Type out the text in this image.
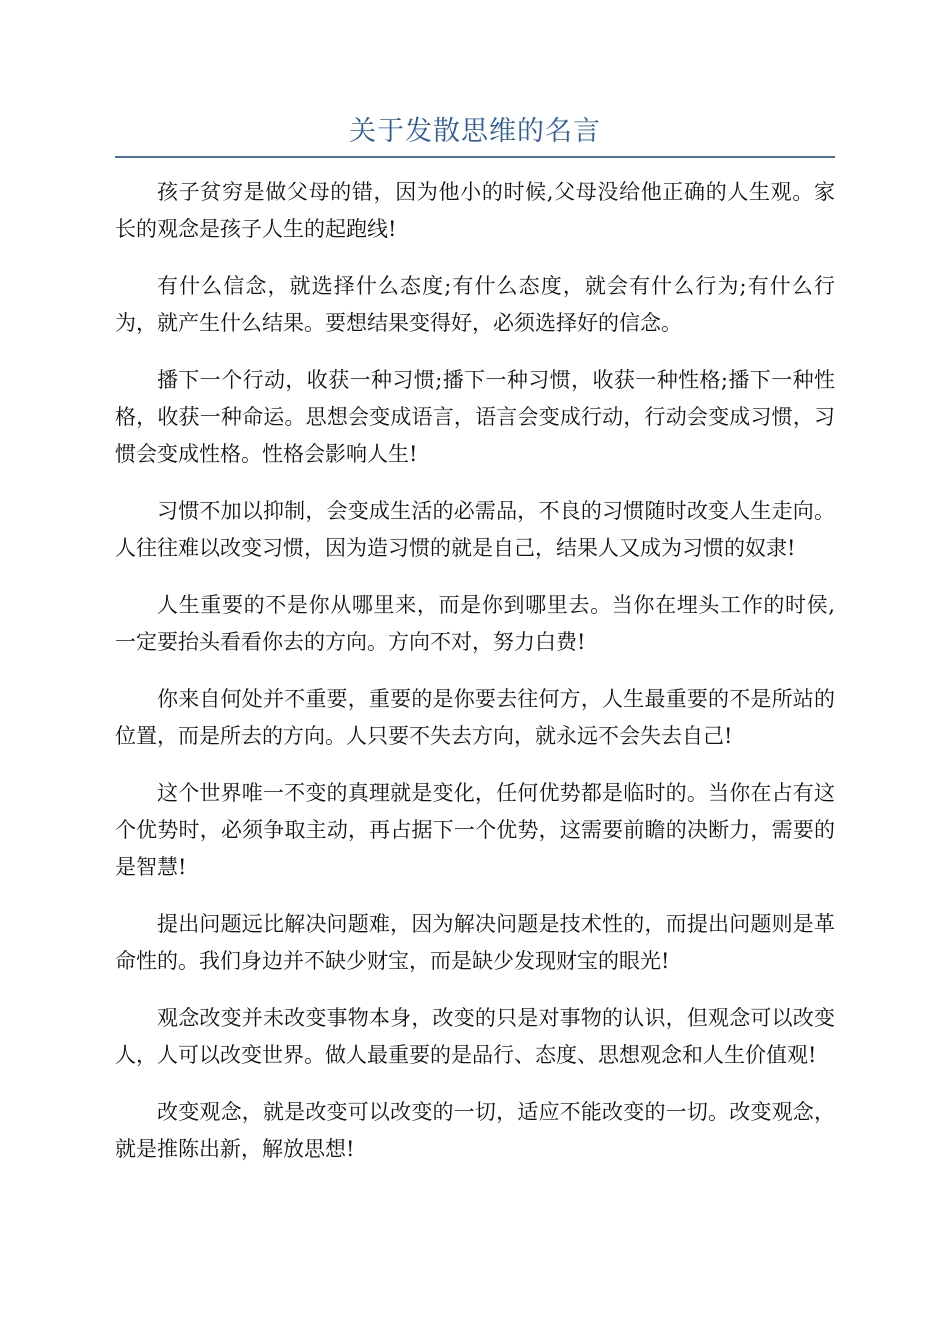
关于发散思维的名言

孩子贫穷是做父母的错，因为他小的时候,父母没给他正确的人生观。家长的观念是孩子人生的起跑线!

有什么信念，就选择什么态度;有什么态度，就会有什么行为;有什么行为，就产生什么结果。要想结果变得好，必须选择好的信念。

播下一个行动，收获一种习惯;播下一种习惯，收获一种性格;播下一种性格，收获一种命运。思想会变成语言，语言会变成行动，行动会变成习惯，习惯会变成性格。性格会影响人生!

习惯不加以抑制，会变成生活的必需品，不良的习惯随时改变人生走向。人往往难以改变习惯，因为造习惯的就是自己，结果人又成为习惯的奴隶!

人生重要的不是你从哪里来，而是你到哪里去。当你在埋头工作的时侯,一定要抬头看看你去的方向。方向不对，努力白费!

你来自何处并不重要，重要的是你要去往何方，人生最重要的不是所站的位置，而是所去的方向。人只要不失去方向，就永远不会失去自己!

这个世界唯一不变的真理就是变化，任何优势都是临时的。当你在占有这个优势时，必须争取主动，再占据下一个优势，这需要前瞻的决断力，需要的是智慧!

提出问题远比解决问题难，因为解决问题是技术性的，而提出问题则是革命性的。我们身边并不缺少财宝，而是缺少发现财宝的眼光!

观念改变并未改变事物本身，改变的只是对事物的认识，但观念可以改变人，人可以改变世界。做人最重要的是品行、态度、思想观念和人生价值观!

改变观念，就是改变可以改变的一切，适应不能改变的一切。改变观念，就是推陈出新，解放思想!
